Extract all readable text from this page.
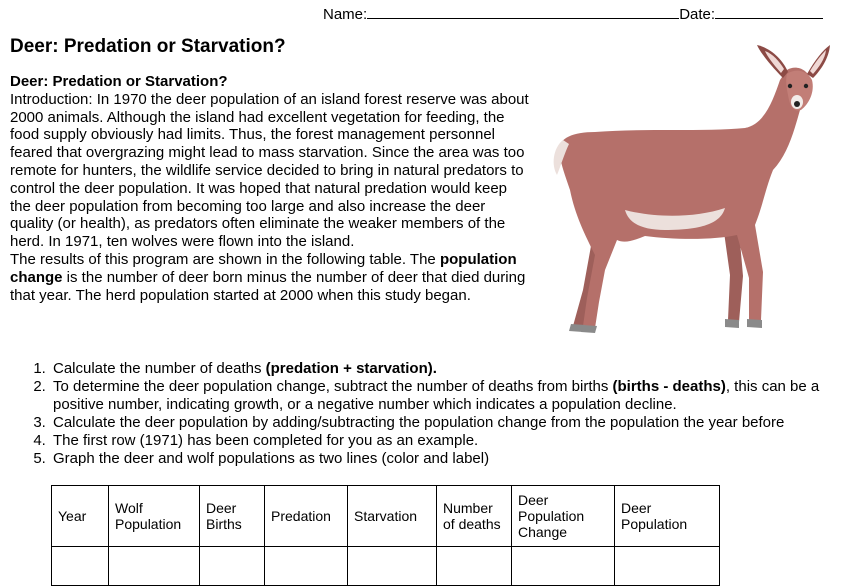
Name:	Date:
Deer: Predation or Starvation?
Deer: Predation or Starvation?
Introduction: In 1970 the deer population of an island forest reserve was about 2000 animals. Although the island had excellent vegetation for feeding, the food supply obviously had limits. Thus, the forest management personnel feared that overgrazing might lead to mass starvation. Since the area was too remote for hunters, the wildlife service decided to bring in natural predators to control the deer population. It was hoped that natural predation would keep the deer population from becoming too large and also increase the deer quality (or health), as predators often eliminate the weaker members of the herd. In 1971, ten wolves were flown into the island.
The results of this program are shown in the following table. The population change is the number of deer born minus the number of deer that died during that year. The herd population started at 2000 when this study began.
1. Calculate the number of deaths (predation + starvation).
2. To determine the deer population change, subtract the number of deaths from births (births - deaths), this can be a positive number, indicating growth, or a negative number which indicates a population decline.
3. Calculate the deer population by adding/subtracting the population change from the population the year before
4. The first row (1971) has been completed for you as an example.
5. Graph the deer and wolf populations as two lines (color and label)
Year	Wolf Population	Deer Births	Predation	Starvation	Number of deaths	Deer Population Change	Deer Population
